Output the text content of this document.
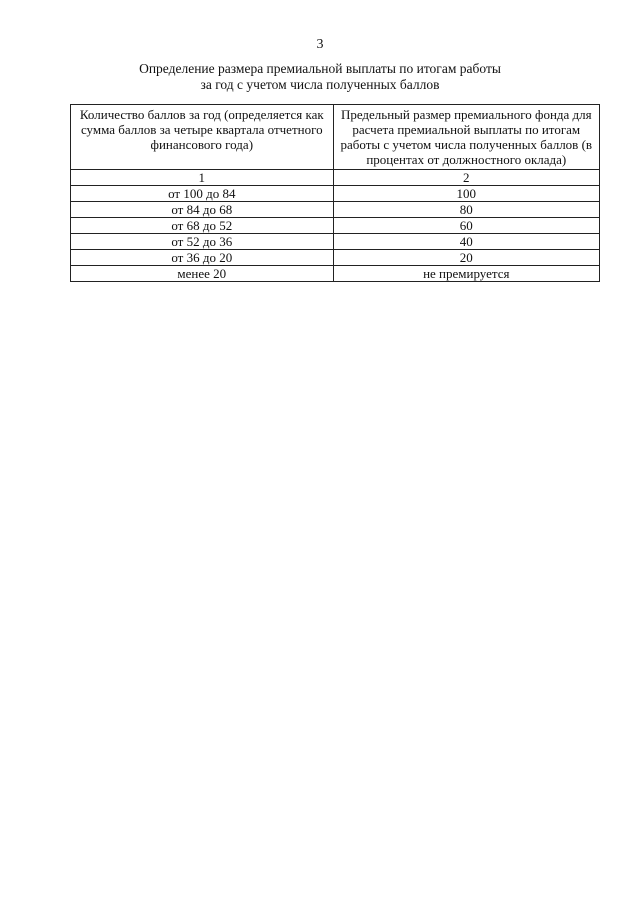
3
Определение размера премиальной выплаты по итогам работы
за год с учетом числа полученных баллов
Количество баллов за год (определяется как сумма баллов за четыре квартала отчетного финансового года)	Предельный размер премиального фонда для расчета премиальной выплаты по итогам работы с учетом числа полученных баллов (в процентах от должностного оклада)
1	2
от 100 до 84	100
от 84 до 68	80
от 68 до 52	60
от 52 до 36	40
от 36 до 20	20
менее 20	не премируется
